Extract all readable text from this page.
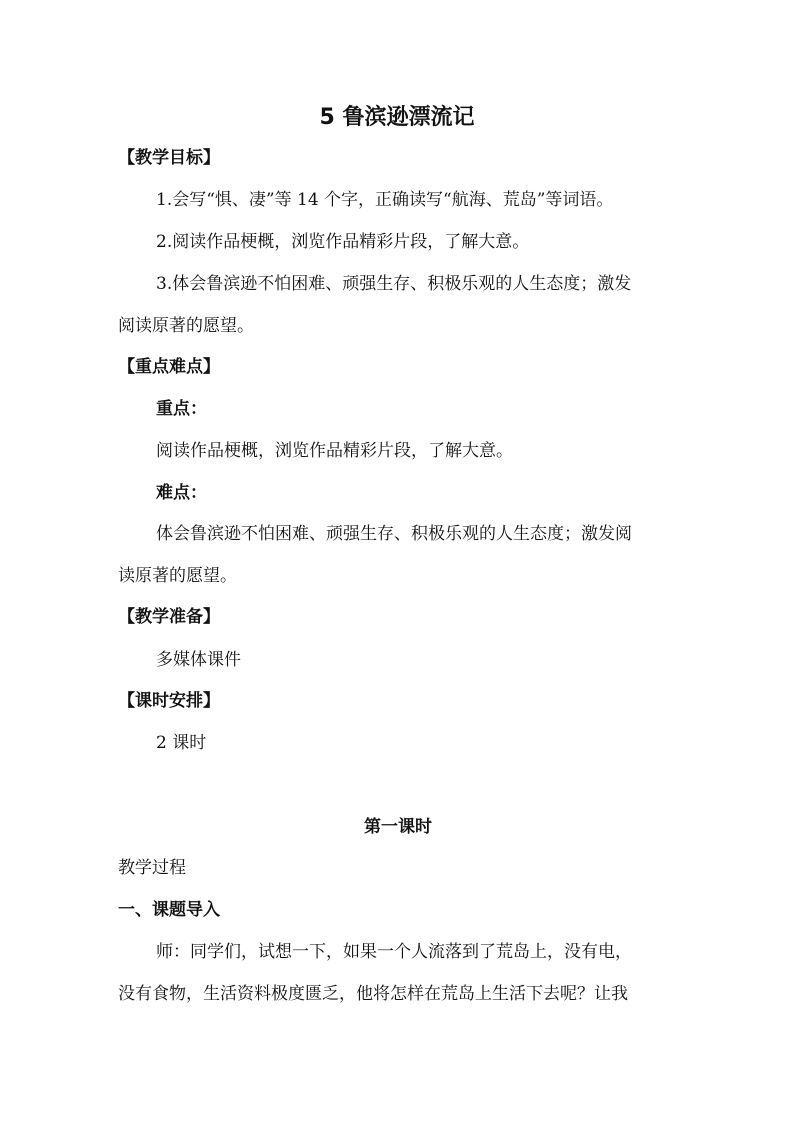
5 鲁滨逊漂流记
【教学目标】
1.会写“惧、凄”等 14 个字，正确读写“航海、荒岛”等词语。
2.阅读作品梗概，浏览作品精彩片段，了解大意。
3.体会鲁滨逊不怕困难、顽强生存、积极乐观的人生态度；激发
阅读原著的愿望。
【重点难点】
重点：
阅读作品梗概，浏览作品精彩片段，了解大意。
难点：
体会鲁滨逊不怕困难、顽强生存、积极乐观的人生态度；激发阅
读原著的愿望。
【教学准备】
多媒体课件
【课时安排】
2 课时
第一课时
教学过程
一、课题导入
师：同学们，试想一下，如果一个人流落到了荒岛上，没有电，
没有食物，生活资料极度匮乏，他将怎样在荒岛上生活下去呢？让我
